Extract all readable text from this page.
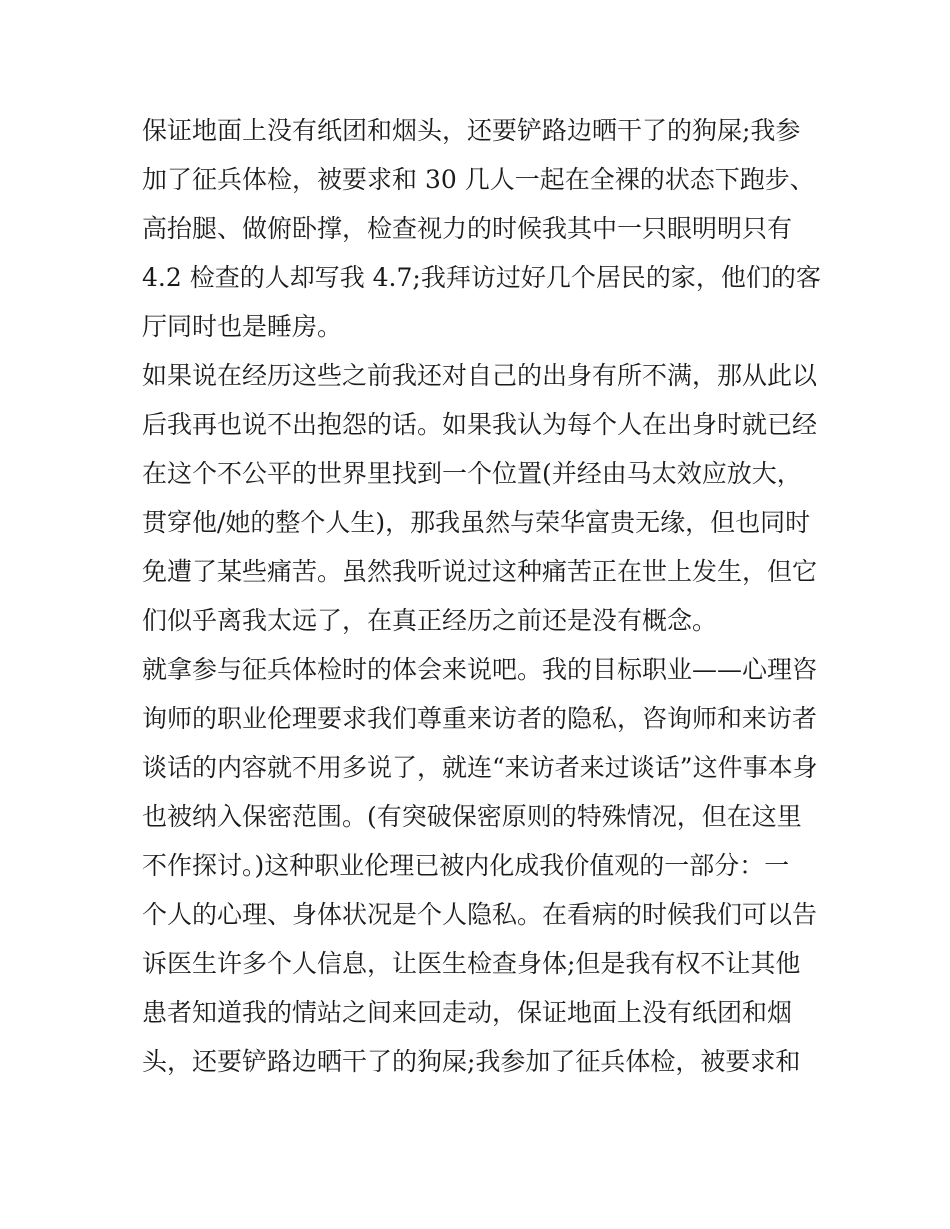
保证地面上没有纸团和烟头，还要铲路边晒干了的狗屎;我参
加了征兵体检，被要求和 30 几人一起在全裸的状态下跑步、
高抬腿、做俯卧撑，检查视力的时候我其中一只眼明明只有
4.2 检查的人却写我 4.7;我拜访过好几个居民的家，他们的客
厅同时也是睡房。
如果说在经历这些之前我还对自己的出身有所不满，那从此以
后我再也说不出抱怨的话。如果我认为每个人在出身时就已经
在这个不公平的世界里找到一个位置(并经由马太效应放大，
贯穿他/她的整个人生)，那我虽然与荣华富贵无缘，但也同时
免遭了某些痛苦。虽然我听说过这种痛苦正在世上发生，但它
们似乎离我太远了，在真正经历之前还是没有概念。
就拿参与征兵体检时的体会来说吧。我的目标职业——心理咨
询师的职业伦理要求我们尊重来访者的隐私，咨询师和来访者
谈话的内容就不用多说了，就连“来访者来过谈话”这件事本身
也被纳入保密范围。(有突破保密原则的特殊情况，但在这里
不作探讨。)这种职业伦理已被内化成我价值观的一部分：一
个人的心理、身体状况是个人隐私。在看病的时候我们可以告
诉医生许多个人信息，让医生检查身体;但是我有权不让其他
患者知道我的情站之间来回走动，保证地面上没有纸团和烟
头，还要铲路边晒干了的狗屎;我参加了征兵体检，被要求和
